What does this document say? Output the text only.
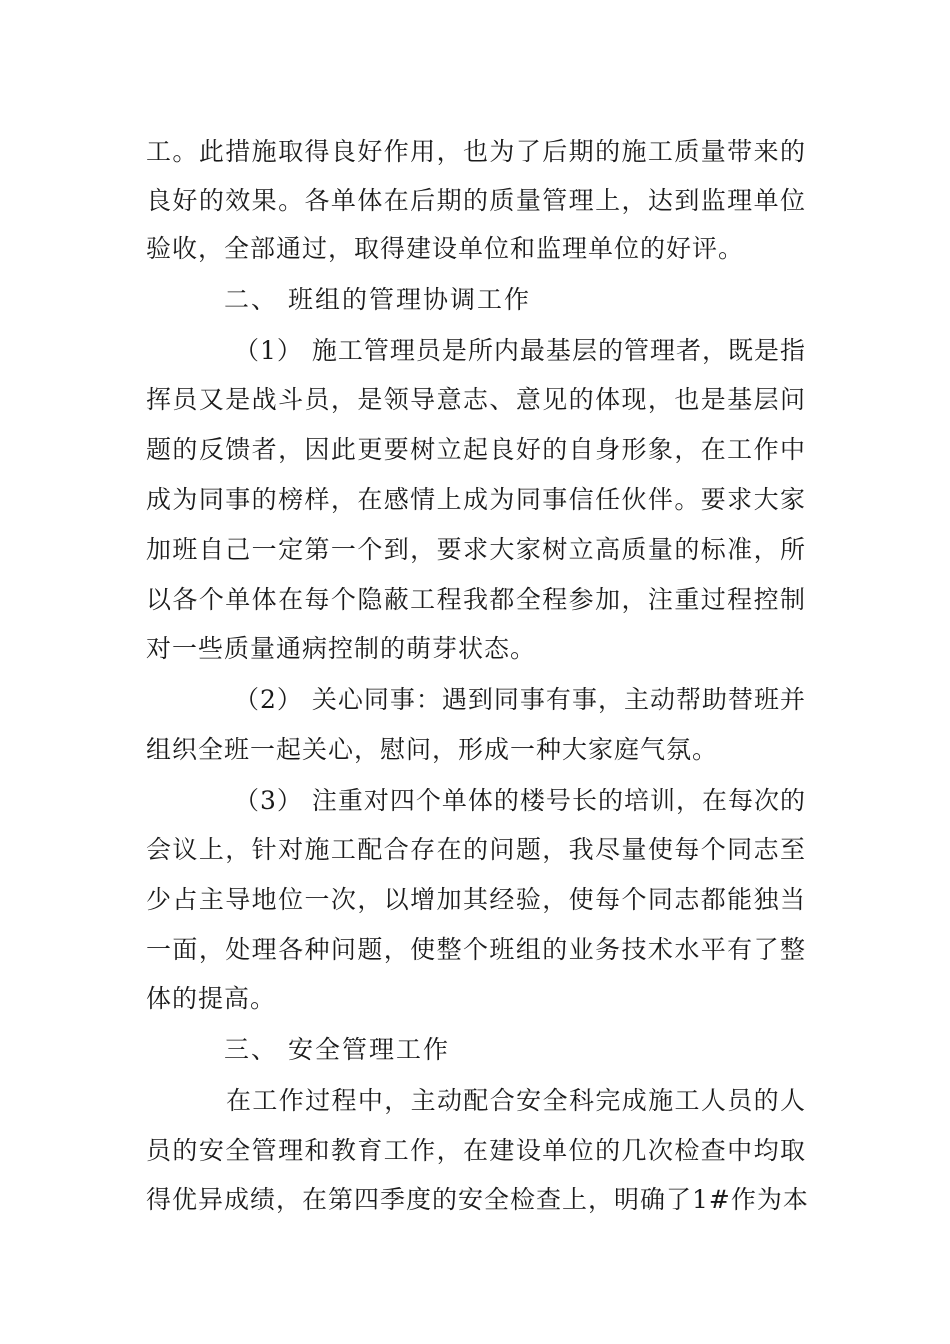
工。此措施取得良好作用，也为了后期的施工质量带来的
良好的效果。各单体在后期的质量管理上，达到监理单位
验收，全部通过，取得建设单位和监理单位的好评。
二、 班组的管理协调工作
（1） 施工管理员是所内最基层的管理者，既是指
挥员又是战斗员，是领导意志、意见的体现，也是基层问
题的反馈者，因此更要树立起良好的自身形象，在工作中
成为同事的榜样，在感情上成为同事信任伙伴。要求大家
加班自己一定第一个到，要求大家树立高质量的标准，所
以各个单体在每个隐蔽工程我都全程参加，注重过程控制
对一些质量通病控制的萌芽状态。
（2） 关心同事：遇到同事有事，主动帮助替班并
组织全班一起关心，慰问，形成一种大家庭气氛。
（3） 注重对四个单体的楼号长的培训，在每次的
会议上，针对施工配合存在的问题，我尽量使每个同志至
少占主导地位一次，以增加其经验，使每个同志都能独当
一面，处理各种问题，使整个班组的业务技术水平有了整
体的提高。
三、 安全管理工作
在工作过程中，主动配合安全科完成施工人员的人
员的安全管理和教育工作，在建设单位的几次检查中均取
得优异成绩，在第四季度的安全检查上，明确了1#作为本
